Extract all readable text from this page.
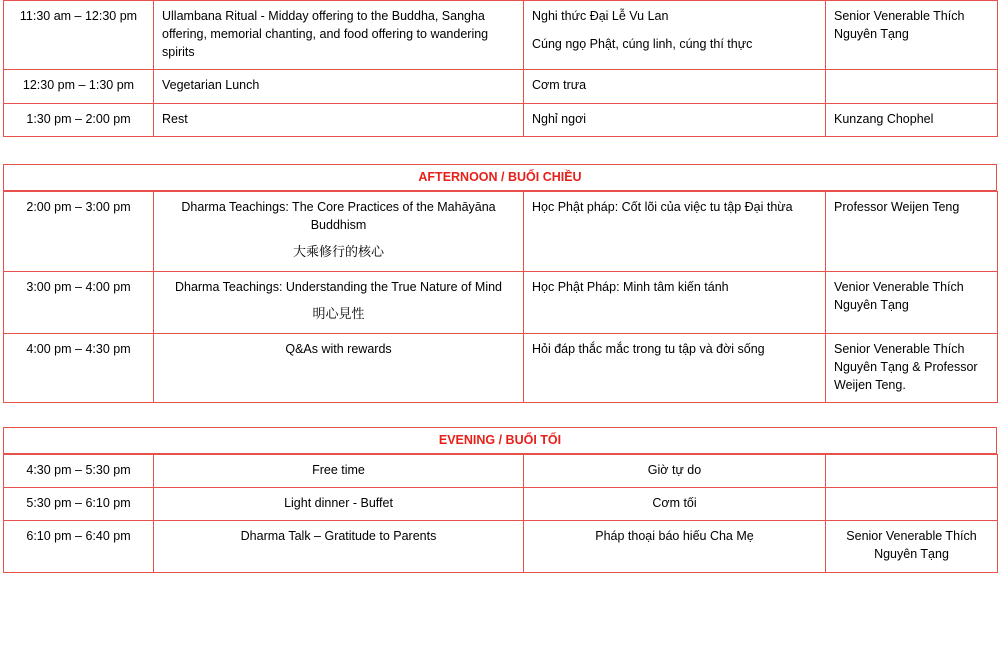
11:30 am – 12:30 pm	Ullambana Ritual - Midday offering to the Buddha, Sangha offering, memorial chanting, and food offering to wandering spirits	Nghi thức Đại Lễ Vu Lan
Cúng ngọ Phật, cúng linh, cúng thí thực	Senior Venerable Thích Nguyên Tạng
12:30 pm – 1:30 pm	Vegetarian Lunch	Cơm trưa	
1:30 pm – 2:00 pm	Rest	Nghỉ ngơi	Kunzang Chophel
AFTERNOON / BUỔI CHIỀU
2:00 pm – 3:00 pm	Dharma Teachings: The Core Practices of the Mahāyāna Buddhism
大乘修行的核心	Học Phật pháp: Cốt lõi của việc tu tập Đại thừa	Professor Weijen Teng
3:00 pm – 4:00 pm	Dharma Teachings: Understanding the True Nature of Mind
明心見性	Học Phật Pháp: Minh tâm kiến tánh	Venior Venerable Thích Nguyên Tạng
4:00 pm – 4:30 pm	Q&As with rewards	Hỏi đáp thắc mắc trong tu tập và đời sống	Senior Venerable Thích Nguyên Tạng & Professor Weijen Teng.
EVENING / BUỔI TỐI
4:30 pm – 5:30 pm	Free time	Giờ tự do	
5:30 pm – 6:10 pm	Light dinner - Buffet	Cơm tối	
6:10 pm – 6:40 pm	Dharma Talk – Gratitude to Parents	Pháp thoại báo hiếu Cha Mẹ	Senior Venerable Thích Nguyên Tạng
